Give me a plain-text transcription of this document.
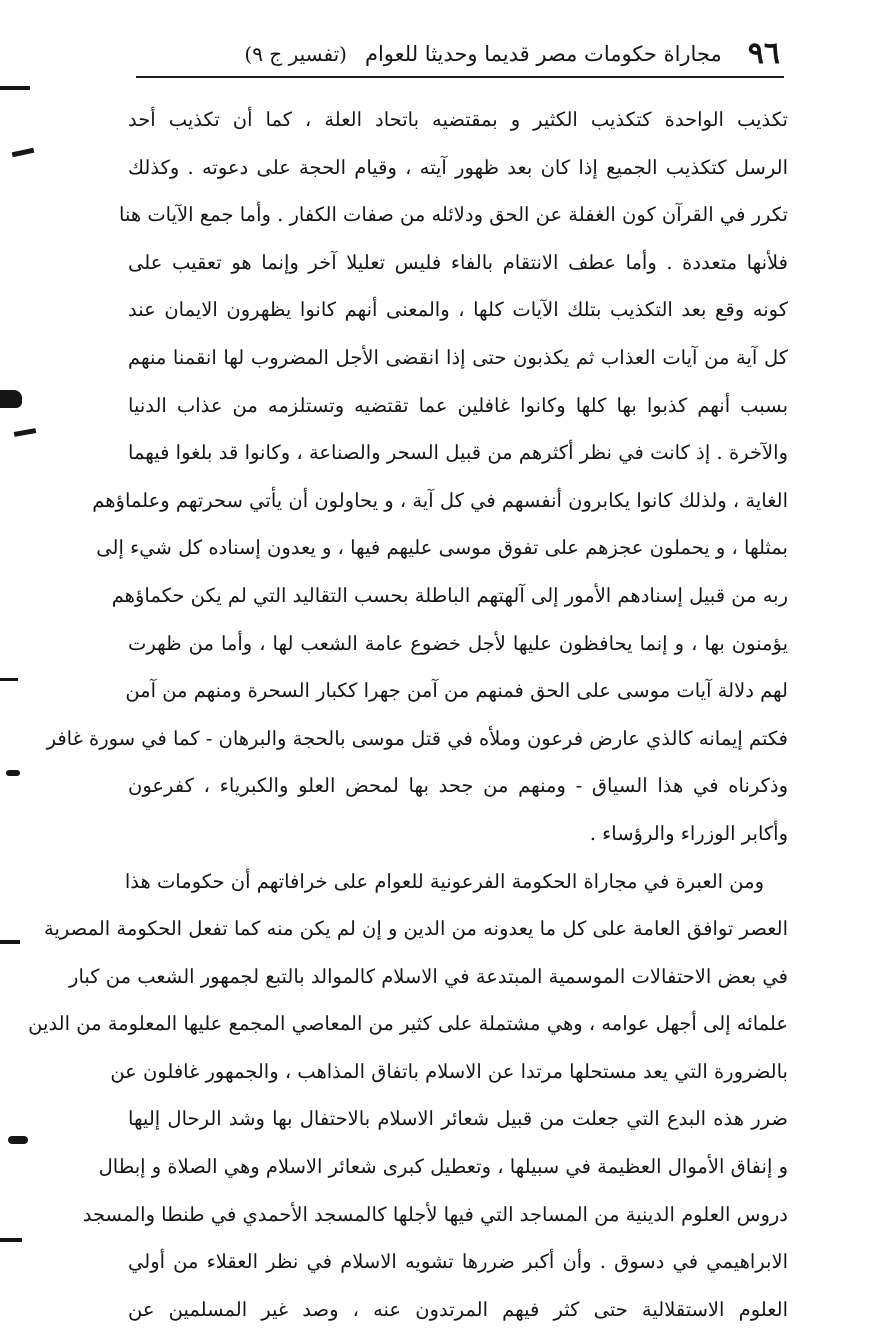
٩٦
مجاراة حكومات مصر قديما وحديثا للعوام
(تفسير ج ٩)

تكذيب الواحدة كتكذيب الكثير و بمقتضيه باتحاد العلة ، كما أن تكذيب أحد
الرسل كتكذيب الجميع إذا كان بعد ظهور آيته ، وقيام الحجة على دعوته . وكذلك
تكرر في القرآن كون الغفلة عن الحق ودلائله من صفات الكفار . وأما جمع الآيات هنا
فلأنها متعددة . وأما عطف الانتقام بالفاء فليس تعليلا آخر وإنما هو تعقيب على
كونه وقع بعد التكذيب بتلك الآيات كلها ، والمعنى أنهم كانوا يظهرون الايمان عند
كل آية من آيات العذاب ثم يكذبون حتى إذا انقضى الأجل المضروب لها انقمنا منهم
بسبب أنهم كذبوا بها كلها وكانوا غافلين عما تقتضيه وتستلزمه من عذاب الدنيا
والآخرة . إذ كانت في نظر أكثرهم من قبيل السحر والصناعة ، وكانوا قد بلغوا فيهما
الغاية ، ولذلك كانوا يكابرون أنفسهم في كل آية ، و يحاولون أن يأتي سحرتهم وعلماؤهم
بمثلها ، و يحملون عجزهم على تفوق موسى عليهم فيها ، و يعدون إسناده كل شيء إلى
ربه من قبيل إسنادهم الأمور إلى آلهتهم الباطلة بحسب التقاليد التي لم يكن حكماؤهم
يؤمنون بها ، و إنما يحافظون عليها لأجل خضوع عامة الشعب لها ، وأما من ظهرت
لهم دلالة آيات موسى على الحق فمنهم من آمن جهرا ككبار السحرة ومنهم من آمن
فكتم إيمانه كالذي عارض فرعون وملأه في قتل موسى بالحجة والبرهان - كما في سورة غافر
وذكرناه في هذا السياق - ومنهم من جحد بها لمحض العلو والكبرياء ، كفرعون
وأكابر الوزراء والرؤساء .

ومن العبرة في مجاراة الحكومة الفرعونية للعوام على خرافاتهم أن حكومات هذا
العصر توافق العامة على كل ما يعدونه من الدين و إن لم يكن منه كما تفعل الحكومة المصرية
في بعض الاحتفالات الموسمية المبتدعة في الاسلام كالموالد بالتبع لجمهور الشعب من كبار
علمائه إلى أجهل عوامه ، وهي مشتملة على كثير من المعاصي المجمع عليها المعلومة من الدين
بالضرورة التي يعد مستحلها مرتدا عن الاسلام باتفاق المذاهب ، والجمهور غافلون عن
ضرر هذه البدع التي جعلت من قبيل شعائر الاسلام بالاحتفال بها وشد الرحال إليها
و إنفاق الأموال العظيمة في سبيلها ، وتعطيل كبرى شعائر الاسلام وهي الصلاة و إبطال
دروس العلوم الدينية من المساجد التي فيها لأجلها كالمسجد الأحمدي في طنطا والمسجد
الابراهيمي في دسوق . وأن أكبر ضررها تشويه الاسلام في نظر العقلاء من أولي
العلوم الاستقلالية حتى كثر فيهم المرتدون عنه ، وصد غير المسلمين عن
